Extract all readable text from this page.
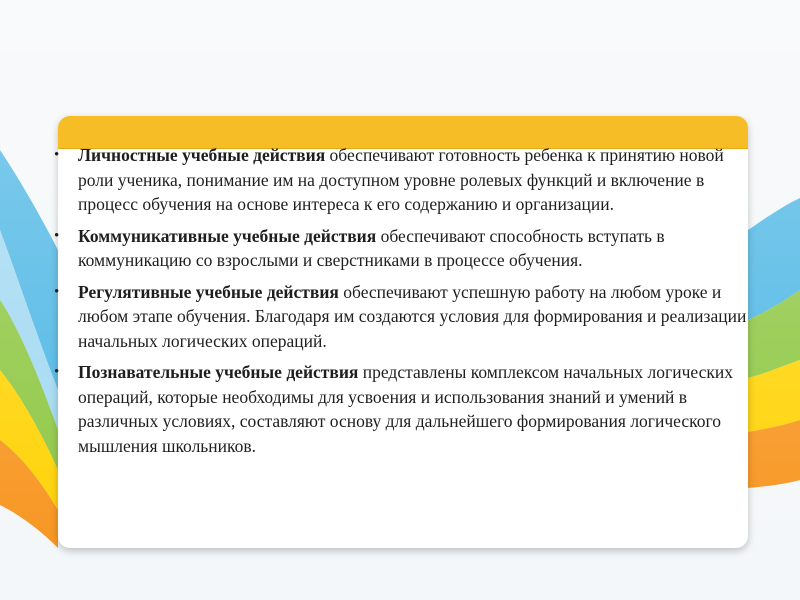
• Личностные учебные действия обеспечивают готовность ребенка к принятию новой роли ученика, понимание им на доступном уровне ролевых функций и включение в процесс обучения на основе интереса к его содержанию и организации.
• Коммуникативные учебные действия обеспечивают способность вступать в коммуникацию со взрослыми и сверстниками в процессе обучения.
• Регулятивные учебные действия обеспечивают успешную работу на любом уроке и любом этапе обучения. Благодаря им создаются условия для формирования и реализации начальных логических операций.
• Познавательные учебные действия представлены комплексом начальных логических операций, которые необходимы для усвоения и использования знаний и умений в различных условиях, составляют основу для дальнейшего формирования логического мышления школьников.
